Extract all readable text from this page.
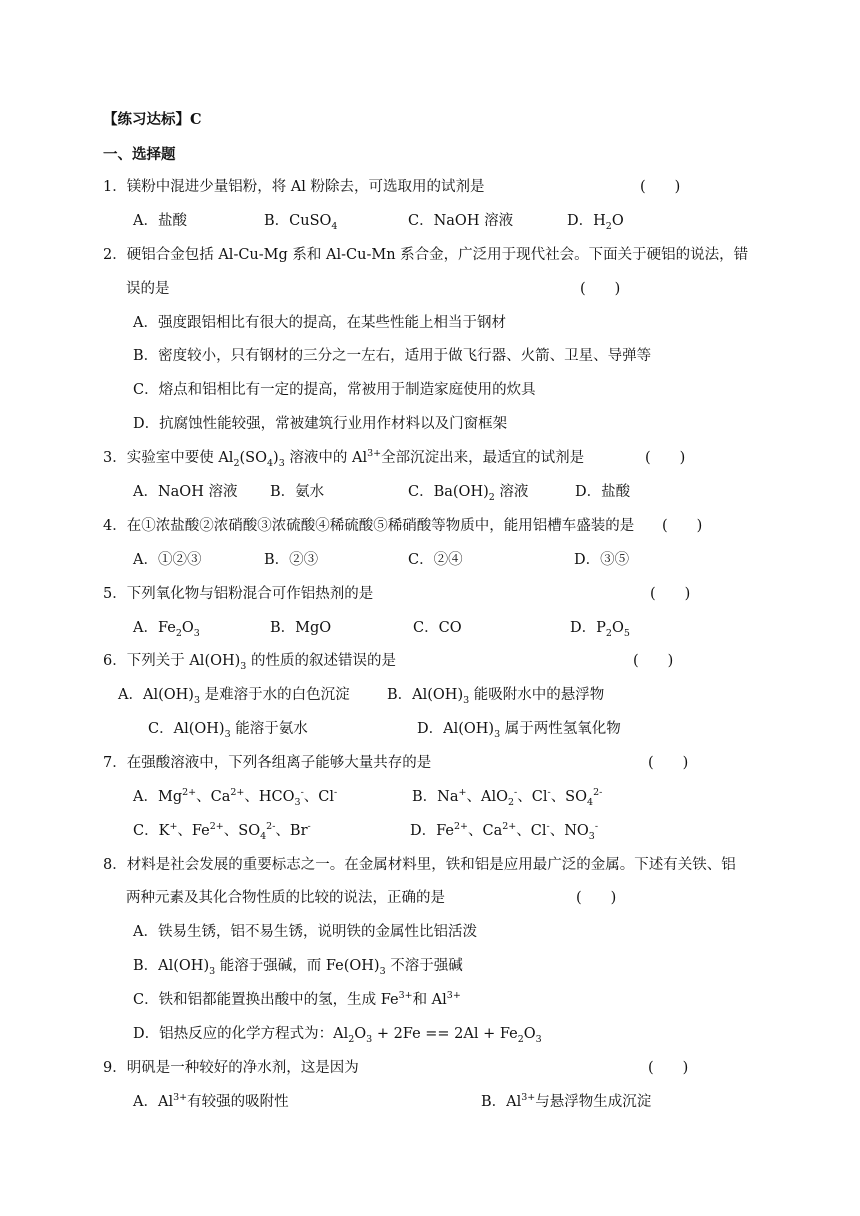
【练习达标】C
一、选择题
1．镁粉中混进少量铝粉，将 Al 粉除去，可选取用的试剂是	(　　)
A．盐酸	B．CuSO$_4$	C．NaOH 溶液	D．$H_2O$
2．硬铝合金包括 Al-Cu-Mg 系和 Al-Cu-Mn 系合金，广泛用于现代社会。下面关于硬铝的说法，错
误的是	(　　)
A．强度跟铝相比有很大的提高，在某些性能上相当于钢材
B．密度较小，只有钢材的三分之一左右，适用于做飞行器、火箭、卫星、导弹等
C．熔点和铝相比有一定的提高，常被用于制造家庭使用的炊具
D．抗腐蚀性能较强，常被建筑行业用作材料以及门窗框架
3．实验室中要使 $Al_2(SO_4)_3$ 溶液中的 $Al^{3+}$全部沉淀出来，最适宜的试剂是	(　　)
A．NaOH 溶液 B．氨水	C．$Ba(OH)_2$ 溶液	D．盐酸
4．在①浓盐酸②浓硝酸③浓硫酸④稀硫酸⑤稀硝酸等物质中，能用铝槽车盛装的是 (　　)
A．①②③	B．②③	C．②④	D．③⑤
5．下列氧化物与铝粉混合可作铝热剂的是	(　　)
A．$Fe_2O_3$	B．MgO	C．CO	D．$P_2O_5$
6．下列关于 $Al(OH)_3$ 的性质的叙述错误的是	(　　)
A．$Al(OH)_3$ 是难溶于水的白色沉淀	B．$Al(OH)_3$ 能吸附水中的悬浮物
C．$Al(OH)_3$ 能溶于氨水	D．$Al(OH)_3$ 属于两性氢氧化物
7．在强酸溶液中，下列各组离子能够大量共存的是	(　　)
A．$Mg^{2+}$、$Ca^{2+}$、$HCO_3^-$、Cl-	B．Na+、AlO$_2$-、Cl-、$SO_4^{2-}$
C．K+、$Fe^{2+}$、$SO_4^{2-}$、Br-	D．$Fe^{2+}$、$Ca^{2+}$、Cl-、$NO_3^-$
8．材料是社会发展的重要标志之一。在金属材料里，铁和铝是应用最广泛的金属。下述有关铁、铝
两种元素及其化合物性质的比较的说法，正确的是	(　　)
A．铁易生锈，铝不易生锈，说明铁的金属性比铝活泼
B．$Al(OH)_3$ 能溶于强碱，而 $Fe(OH)_3$ 不溶于强碱
C．铁和铝都能置换出酸中的氢，生成 $Fe^{3+}$和 $Al^{3+}$
D．铝热反应的化学方程式为：$Al_2O_3 + 2Fe == 2Al + Fe_2O_3$
9．明矾是一种较好的净水剂，这是因为	(　　)
A．$Al^{3+}$有较强的吸附性	B．$Al^{3+}$与悬浮物生成沉淀
